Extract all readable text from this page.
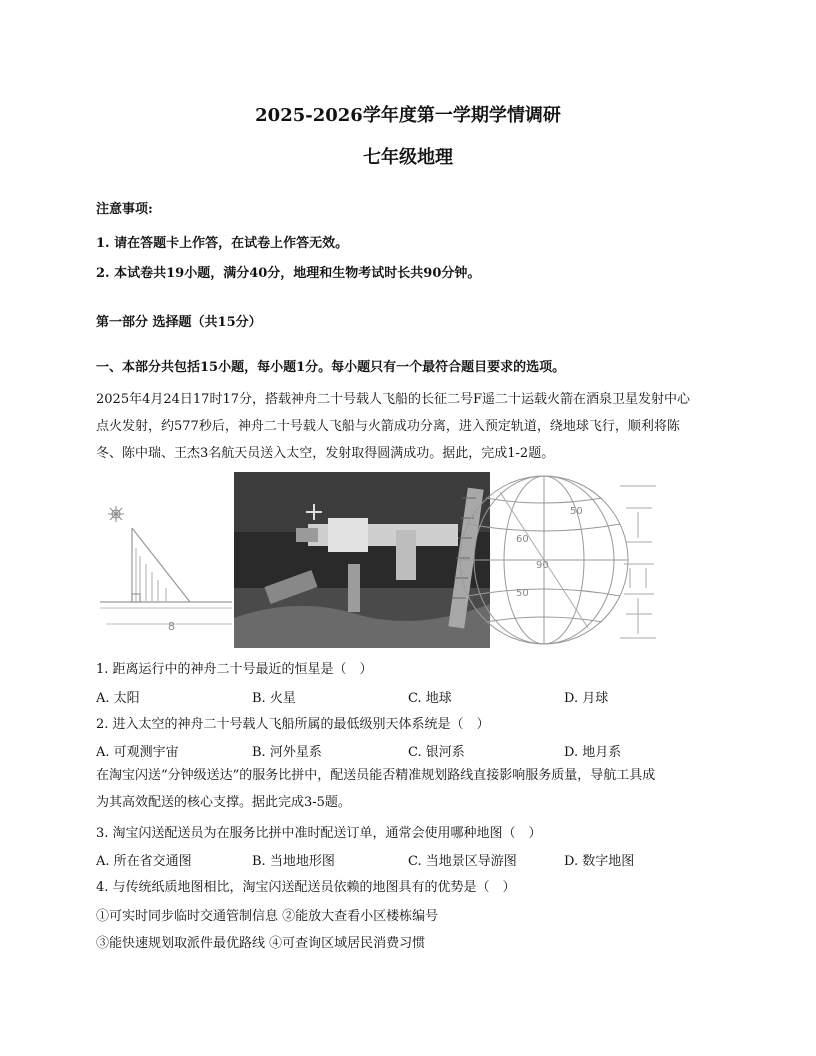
2025-2026学年度第一学期学情调研
七年级地理
注意事项:
1. 请在答题卡上作答，在试卷上作答无效。
2. 本试卷共19小题，满分40分，地理和生物考试时长共90分钟。
第一部分 选择题（共15分）
一、本部分共包括15小题，每小题1分。每小题只有一个最符合题目要求的选项。
2025年4月24日17时17分，搭载神舟二十号载人飞船的长征二号F遥二十运载火箭在酒泉卫星发射中心
点火发射，约577秒后，神舟二十号载人飞船与火箭成功分离，进入预定轨道，绕地球飞行，顺利将陈
冬、陈中瑞、王杰3名航天员送入太空，发射取得圆满成功。据此，完成1-2题。
8
50
60
90
50
1. 距离运行中的神舟二十号最近的恒星是（　）
A. 太阳	B. 火星	C. 地球	D. 月球
2. 进入太空的神舟二十号载人飞船所属的最低级别天体系统是（　）
A. 可观测宇宙	B. 河外星系	C. 银河系	D. 地月系
在淘宝闪送“分钟级送达”的服务比拼中，配送员能否精准规划路线直接影响服务质量，导航工具成
为其高效配送的核心支撑。据此完成3-5题。
3. 淘宝闪送配送员为在服务比拼中准时配送订单，通常会使用哪种地图（　）
A. 所在省交通图	B. 当地地形图	C. 当地景区导游图	D. 数字地图
4. 与传统纸质地图相比，淘宝闪送配送员依赖的地图具有的优势是（　）
①可实时同步临时交通管制信息 ②能放大查看小区楼栋编号
③能快速规划取派件最优路线 ④可查询区域居民消费习惯
